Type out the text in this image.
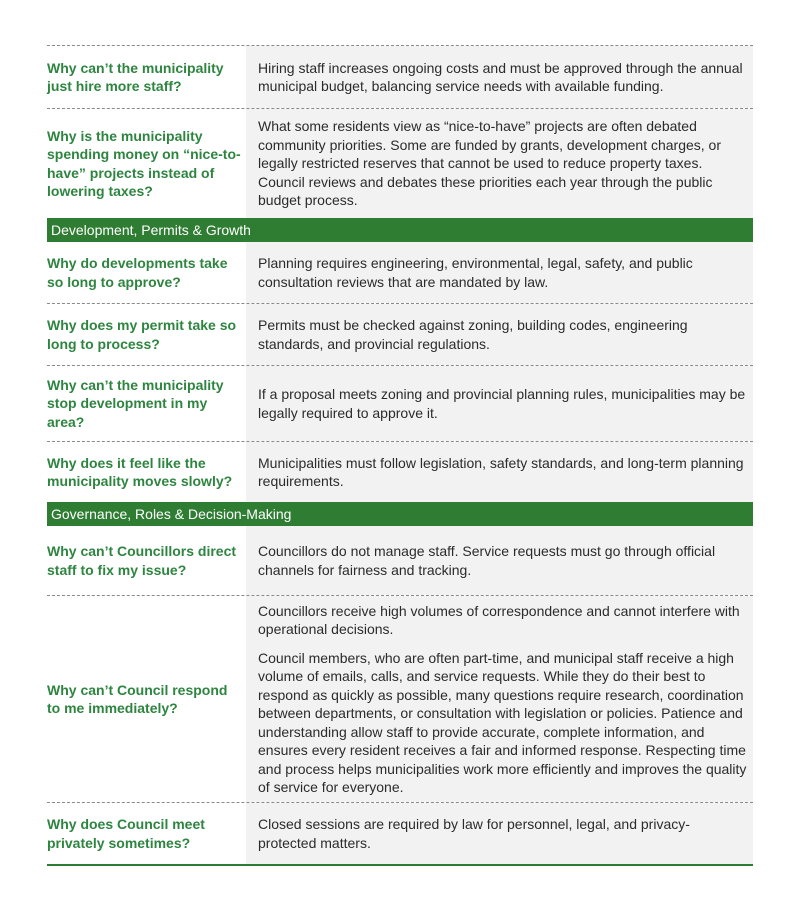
Why can’t the municipality just hire more staff?

Hiring staff increases ongoing costs and must be approved through the annual municipal budget, balancing service needs with available funding.

Why is the municipality spending money on “nice-to-have” projects instead of lowering taxes?

What some residents view as “nice-to-have” projects are often debated community priorities. Some are funded by grants, development charges, or legally restricted reserves that cannot be used to reduce property taxes. Council reviews and debates these priorities each year through the public budget process.

Development, Permits & Growth
Why do developments take so long to approve?

Planning requires engineering, environmental, legal, safety, and public consultation reviews that are mandated by law.

Why does my permit take so long to process?

Permits must be checked against zoning, building codes, engineering standards, and provincial regulations.

Why can’t the municipality stop development in my area?

If a proposal meets zoning and provincial planning rules, municipalities may be legally required to approve it.

Why does it feel like the municipality moves slowly?

Municipalities must follow legislation, safety standards, and long-term planning requirements.

Governance, Roles & Decision-Making
Why can’t Councillors direct staff to fix my issue?

Councillors do not manage staff. Service requests must go through official channels for fairness and tracking.

Why can’t Council respond to me immediately?

Councillors receive high volumes of correspondence and cannot interfere with operational decisions.

Council members, who are often part-time, and municipal staff receive a high volume of emails, calls, and service requests. While they do their best to respond as quickly as possible, many questions require research, coordination between departments, or consultation with legislation or policies. Patience and understanding allow staff to provide accurate, complete information, and ensures every resident receives a fair and informed response. Respecting time and process helps municipalities work more efficiently and improves the quality of service for everyone.

Why does Council meet privately sometimes?

Closed sessions are required by law for personnel, legal, and privacy-protected matters.
